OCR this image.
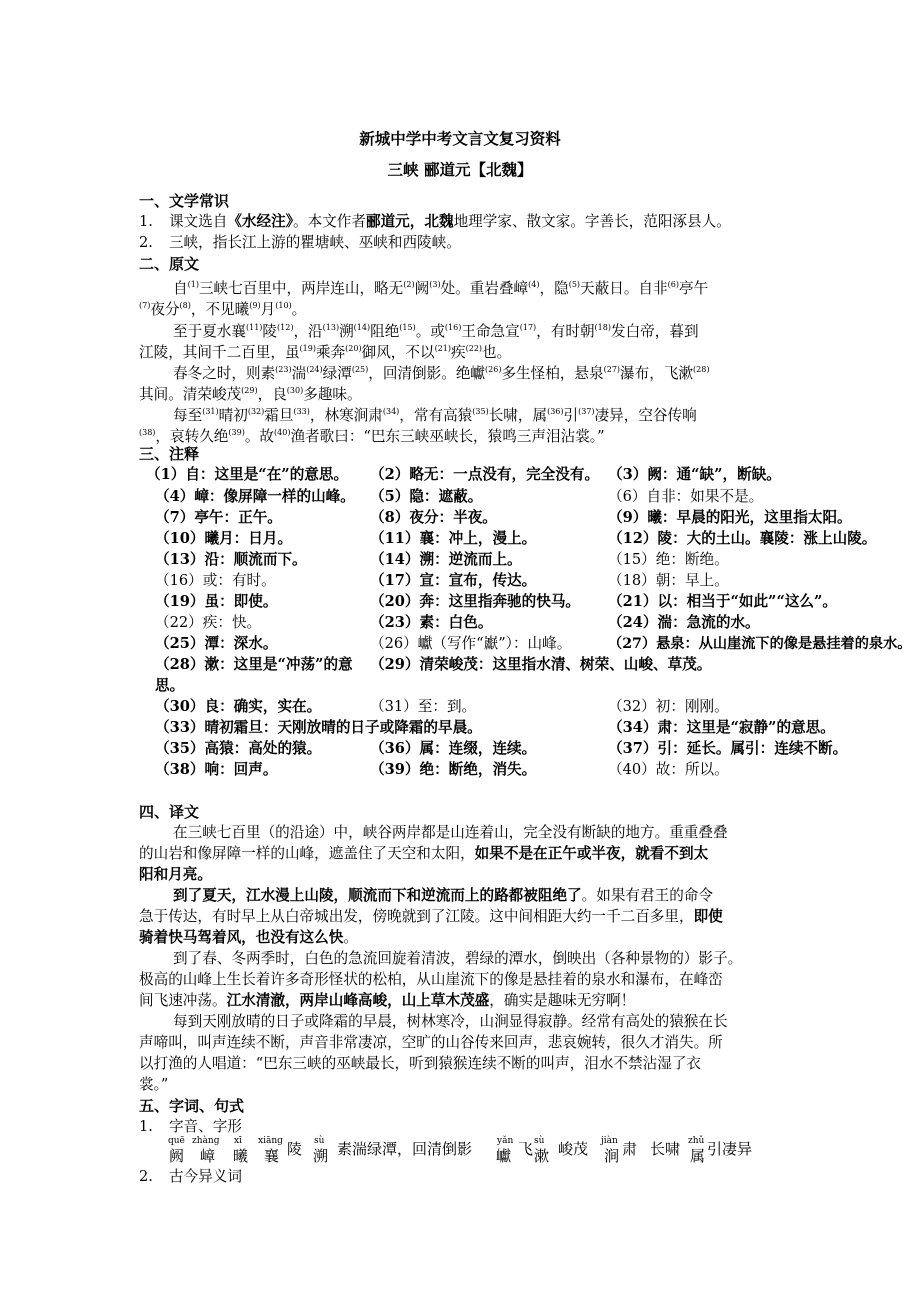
新城中学中考文言文复习资料
三峡 郦道元【北魏】
一、文学常识
1. 课文选自《水经注》。本文作者郦道元，北魏地理学家、散文家。字善长，范阳涿县人。
2. 三峡，指长江上游的瞿塘峡、巫峡和西陵峡。
二、原文
自$^{(1)}$三峡七百里中，两岸连山，略无$^{(2)}$阙$^{(3)}$处。重岩叠嶂$^{(4)}$，隐$^{(5)}$天蔽日。自非$^{(6)}$亭午
$^{(7)}$夜分$^{(8)}$，不见曦$^{(9)}$月$^{(10)}$。
至于夏水襄$^{(11)}$陵$^{(12)}$，沿$^{(13)}$溯$^{(14)}$阻绝$^{(15)}$。或$^{(16)}$王命急宣$^{(17)}$，有时朝$^{(18)}$发白帝，暮到
江陵，其间千二百里，虽$^{(19)}$乘奔$^{(20)}$御风，不以$^{(21)}$疾$^{(22)}$也。
春冬之时，则素$^{(23)}$湍$^{(24)}$绿潭$^{(25)}$，回清倒影。绝巘$^{(26)}$多生怪柏，悬泉$^{(27)}$瀑布，飞漱$^{(28)}$
其间。清荣峻茂$^{(29)}$，良$^{(30)}$多趣味。
每至$^{(31)}$晴初$^{(32)}$霜旦$^{(33)}$，林寒涧肃$^{(34)}$，常有高猿$^{(35)}$长啸，属$^{(36)}$引$^{(37)}$凄异，空谷传响
$^{(38)}$，哀转久绝$^{(39)}$。故$^{(40)}$渔者歌曰：“巴东三峡巫峡长，猿鸣三声泪沾裳。”
三、注释
（1）自：这里是“在”的意思。 （2）略无：一点没有，完全没有。 （3）阙：通“缺”，断缺。
（4）嶂：像屏障一样的山峰。 （5）隐：遮蔽。	（6）自非：如果不是。
（7）亭午：正午。	（8）夜分：半夜。	（9）曦：早晨的阳光，这里指太阳。
（10）曦月：日月。	（11）襄：冲上，漫上。	（12）陵：大的土山。襄陵：涨上山陵。
（13）沿：顺流而下。	（14）溯：逆流而上。	（15）绝：断绝。
（16）或：有时。	（17）宣：宣布，传达。	（18）朝：早上。
（19）虽：即使。	（20）奔：这里指奔驰的快马。 （21）以：相当于“如此”“这么”。
（22）疾：快。	（23）素：白色。	（24）湍：急流的水。
（25）潭：深水。	（26）巘（写作“巚”）：山峰。	（27）悬泉：从山崖流下的像是悬挂着的泉水。
（28）漱：这里是“冲荡”的意 （29）清荣峻茂：这里指水清、树荣、山峻、草茂。
思。
（30）良：确实，实在。	（31）至：到。	（32）初：刚刚。
（33）晴初霜旦：天刚放晴的日子或降霜的早晨。	（34）肃：这里是“寂静”的意思。
（35）高猿：高处的猿。	（36）属：连缀，连续。	（37）引：延长。属引：连续不断。
（38）响：回声。	（39）绝：断绝，消失。	（40）故：所以。
四、译文
在三峡七百里（的沿途）中，峡谷两岸都是山连着山，完全没有断缺的地方。重重叠叠
的山岩和像屏障一样的山峰，遮盖住了天空和太阳，如果不是在正午或半夜，就看不到太
阳和月亮。
到了夏天，江水漫上山陵，顺流而下和逆流而上的路都被阻绝了。如果有君王的命令
急于传达，有时早上从白帝城出发，傍晚就到了江陵。这中间相距大约一千二百多里，即使
骑着快马驾着风，也没有这么快。
到了春、冬两季时，白色的急流回旋着清波，碧绿的潭水，倒映出（各种景物的）影子。
极高的山峰上生长着许多奇形怪状的松柏，从山崖流下的像是悬挂着的泉水和瀑布，在峰峦
间飞速冲荡。江水清澈，两岸山峰高峻，山上草木茂盛，确实是趣味无穷啊！
每到天刚放晴的日子或降霜的早晨，树林寒冷，山涧显得寂静。经常有高处的猿猴在长
声啼叫，叫声连续不断，声音非常凄凉，空旷的山谷传来回声，悲哀婉转，很久才消失。所
以打渔的人唱道：“巴东三峡的巫峡最长，听到猿猴连续不断的叫声，泪水不禁沾湿了衣
裳。”
五、字词、句式
1. 字音、字形
quē zhàng xī xiāng	sù	yǎn sù	jiàn	zhǔ
阙 嶂 曦 襄 陵 溯 素湍绿潭，回清倒影 巘 飞 漱 峻茂 涧 肃 长啸 属 引凄异
2. 古今异义词
